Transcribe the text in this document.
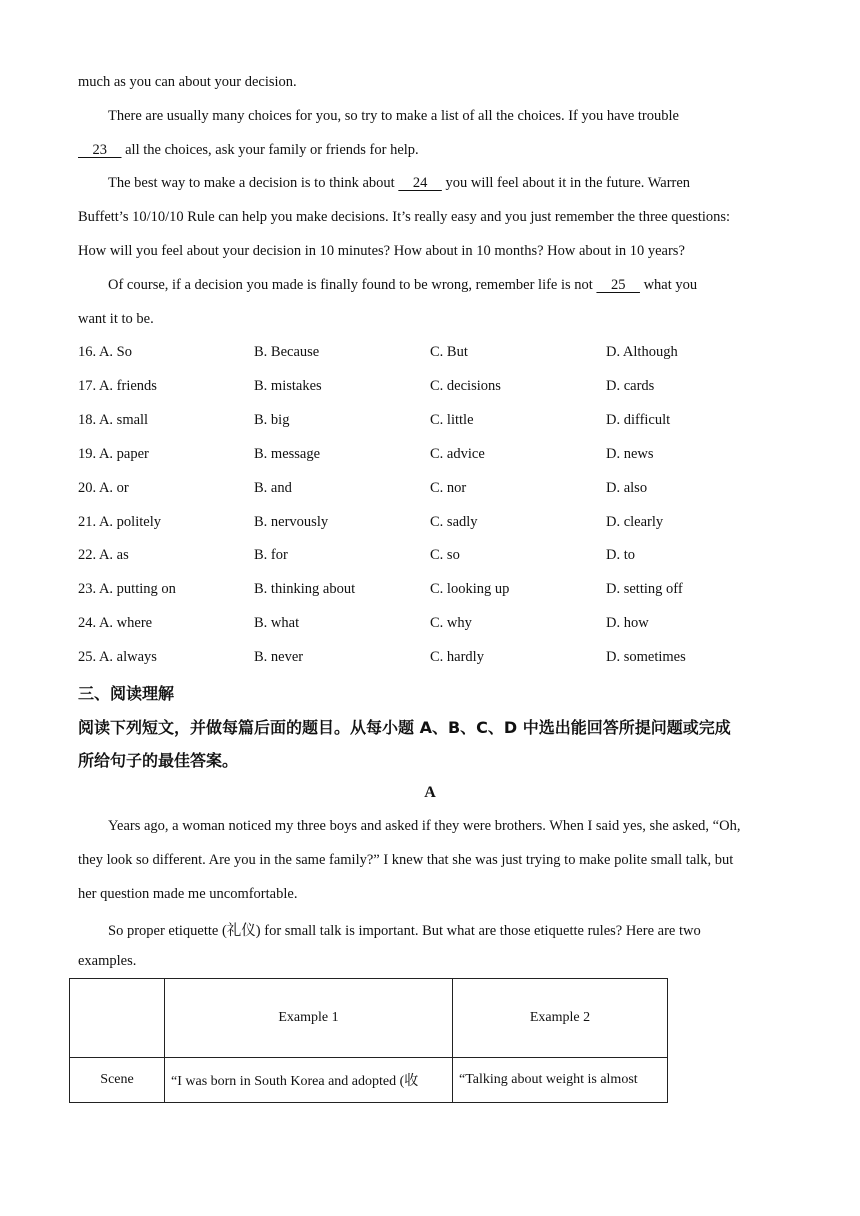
much as you can about your decision.
There are usually many choices for you, so try to make a list of all the choices. If you have trouble
23     all the choices, ask your family or friends for help.
The best way to make a decision is to think about     24     you will feel about it in the future. Warren
Buffett’s 10/10/10 Rule can help you make decisions. It’s really easy and you just remember the three questions:
How will you feel about your decision in 10 minutes? How about in 10 months? How about in 10 years?
Of course, if a decision you made is finally found to be wrong, remember life is not     25     what you
want it to be.
16. A. So	B. Because	C. But	D. Although
17. A. friends	B. mistakes	C. decisions	D. cards
18. A. small	B. big	C. little	D. difficult
19. A. paper	B. message	C. advice	D. news
20. A. or	B. and	C. nor	D. also
21. A. politely	B. nervously	C. sadly	D. clearly
22. A. as	B. for	C. so	D. to
23. A. putting on	B. thinking about	C. looking up	D. setting off
24. A. where	B. what	C. why	D. how
25. A. always	B. never	C. hardly	D. sometimes
三、阅读理解
阅读下列短文，并做每篇后面的题目。从每小题 A、B、C、D 中选出能回答所提问题或完成
所给句子的最佳答案。
A
Years ago, a woman noticed my three boys and asked if they were brothers. When I said yes, she asked, “Oh,
they look so different. Are you in the same family?” I knew that she was just trying to make polite small talk, but
her question made me uncomfortable.
So proper etiquette (礼仪) for small talk is important. But what are those etiquette rules? Here are two
examples.
	Example 1	Example 2
Scene	“I was born in South Korea and adopted (收	“Talking about weight is almost
